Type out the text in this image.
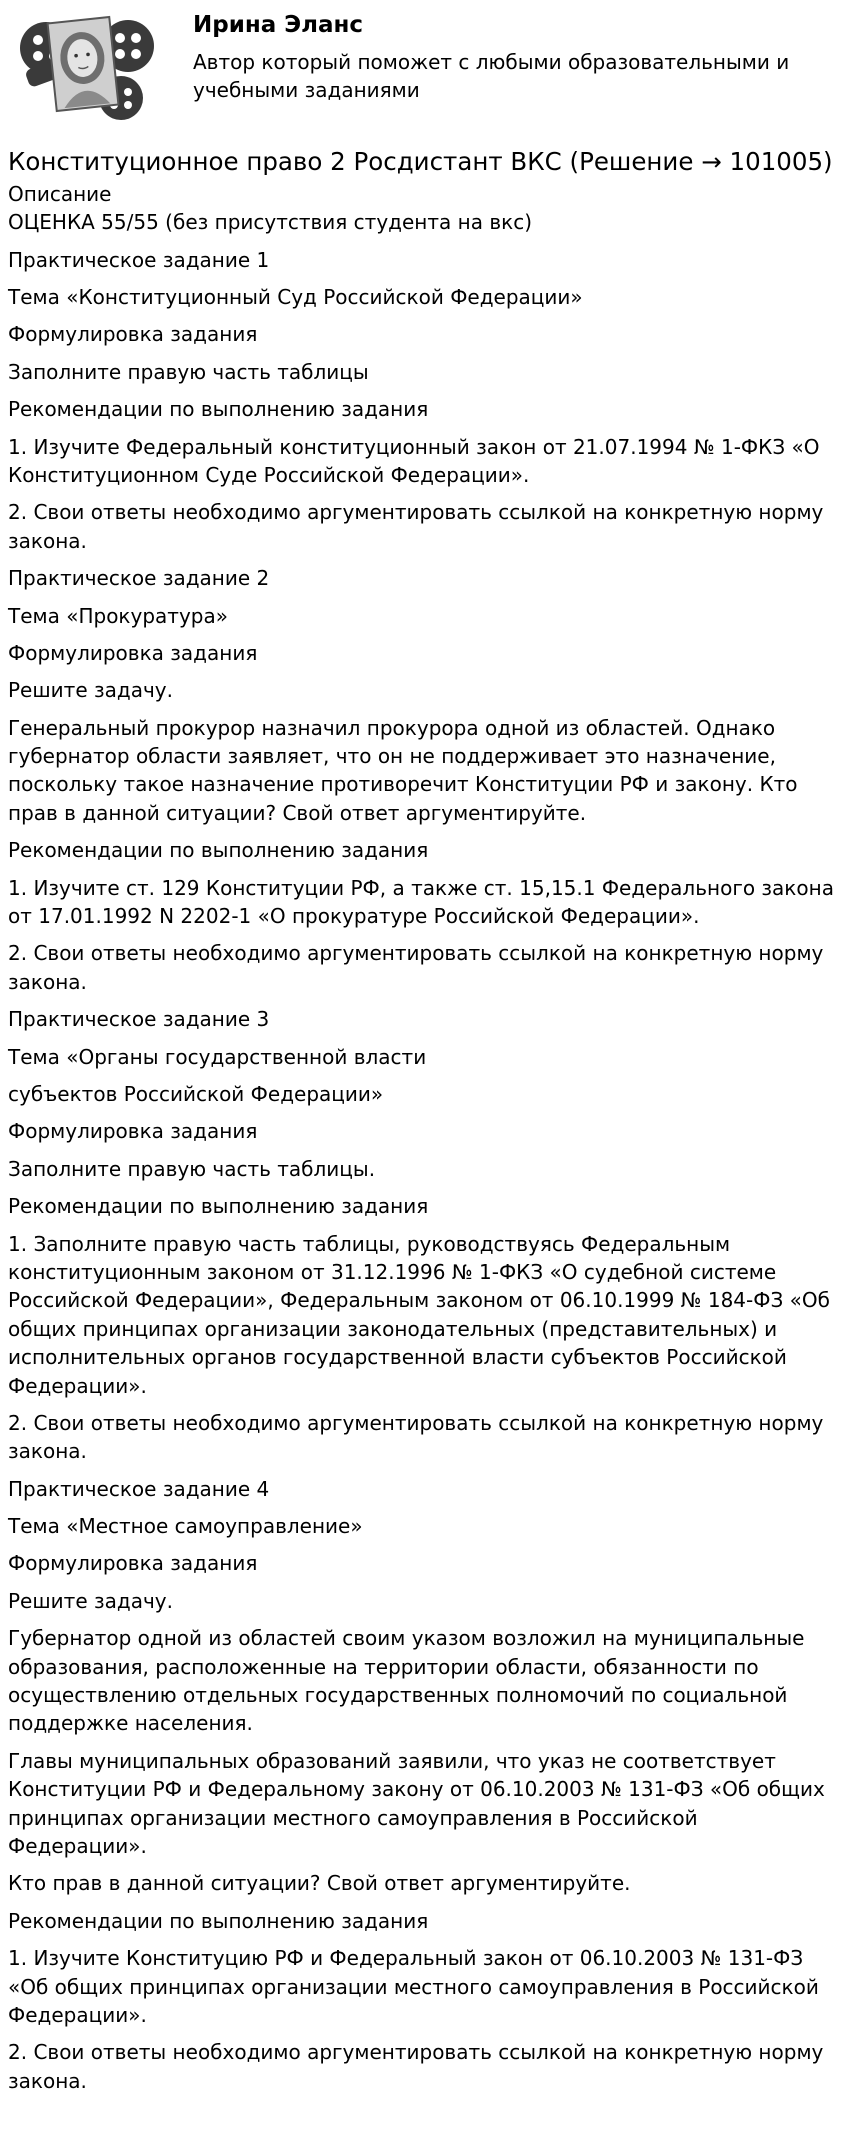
Ирина Эланс
Автор который поможет с любыми образовательными и учебными заданиями
Конституционное право 2 Росдистант ВКС (Решение → 101005)
Описание
ОЦЕНКА 55/55 (без присутствия студента на вкс)

Практическое задание 1

Тема «Конституционный Суд Российской Федерации»

Формулировка задания

Заполните правую часть таблицы

Рекомендации по выполнению задания

1. Изучите Федеральный конституционный закон от 21.07.1994 № 1-ФКЗ «О Конституционном Суде Российской Федерации».

2. Свои ответы необходимо аргументировать ссылкой на конкретную норму закона.

Практическое задание 2

Тема «Прокуратура»

Формулировка задания

Решите задачу.

Генеральный прокурор назначил прокурора одной из областей. Однако губернатор области заявляет, что он не поддерживает это назначение, поскольку такое назначение противоречит Конституции РФ и закону. Кто прав в данной ситуации? Свой ответ аргументируйте.

Рекомендации по выполнению задания

1. Изучите ст. 129 Конституции РФ, а также ст. 15,15.1 Федерального закона от 17.01.1992 N 2202-1 «О прокуратуре Российской Федерации».

2. Свои ответы необходимо аргументировать ссылкой на конкретную норму закона.

Практическое задание 3

Тема «Органы государственной власти

субъектов Российской Федерации»

Формулировка задания

Заполните правую часть таблицы.

Рекомендации по выполнению задания

1. Заполните правую часть таблицы, руководствуясь Федеральным конституционным законом от 31.12.1996 № 1-ФКЗ «О судебной системе Российской Федерации», Федеральным законом от 06.10.1999 № 184-ФЗ «Об общих принципах организации законодательных (представительных) и исполнительных органов государственной власти субъектов Российской Федерации».

2. Свои ответы необходимо аргументировать ссылкой на конкретную норму закона.

Практическое задание 4

Тема «Местное самоуправление»

Формулировка задания

Решите задачу.

Губернатор одной из областей своим указом возложил на муниципальные образования, расположенные на территории области, обязанности по осуществлению отдельных государственных полномочий по социальной поддержке населения.

Главы муниципальных образований заявили, что указ не соответствует Конституции РФ и Федеральному закону от 06.10.2003 № 131-ФЗ «Об общих принципах организации местного самоуправления в Российской Федерации».

Кто прав в данной ситуации? Свой ответ аргументируйте.

Рекомендации по выполнению задания

1. Изучите Конституцию РФ и Федеральный закон от 06.10.2003 № 131-ФЗ «Об общих принципах организации местного самоуправления в Российской Федерации».

2. Свои ответы необходимо аргументировать ссылкой на конкретную норму закона.
